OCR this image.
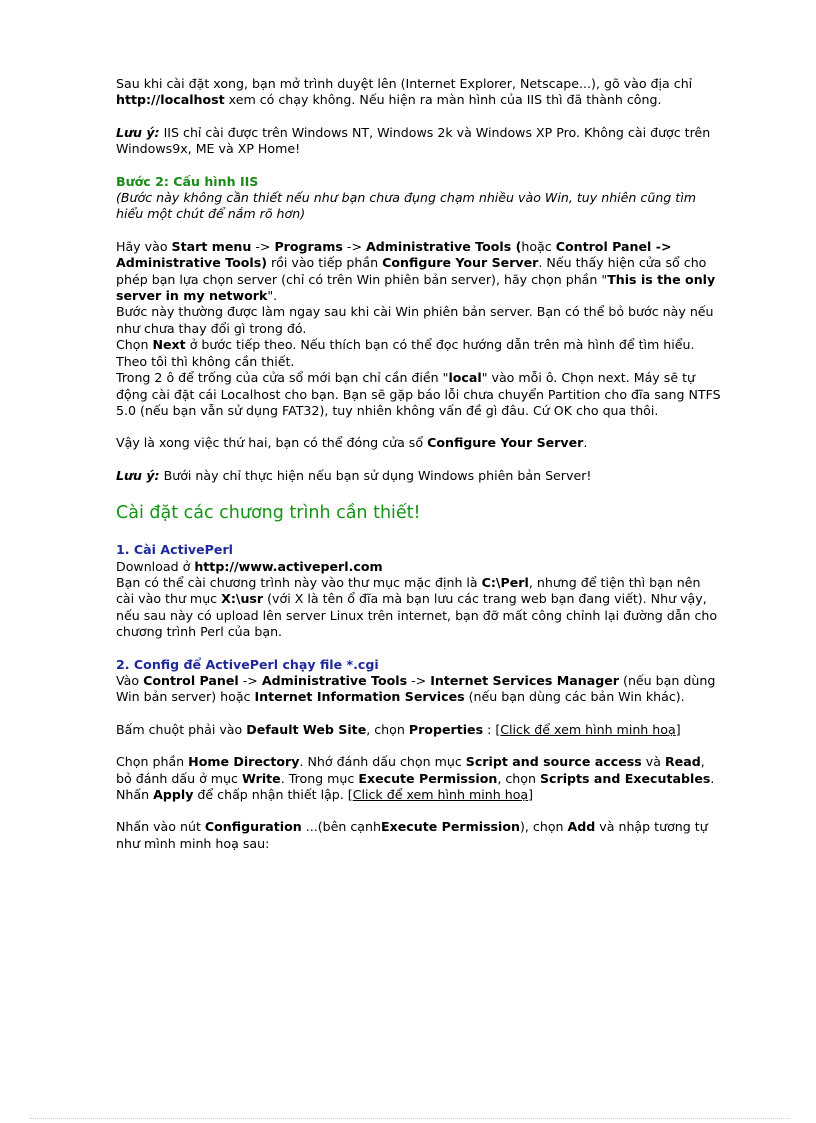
Sau khi cài đặt xong, bạn mở trình duyệt lên (Internet Explorer, Netscape...), gõ vào địa chỉ http://localhost xem có chạy không. Nếu hiện ra màn hình của IIS thì đã thành công.

Lưu ý: IIS chỉ cài được trên Windows NT, Windows 2k và Windows XP Pro. Không cài được trên Windows9x, ME và XP Home!

Bước 2: Cấu hình IIS

(Bước này không cần thiết nếu như bạn chưa đụng chạm nhiều vào Win, tuy nhiên cũng tìm hiểu một chút để nắm rõ hơn)

Hãy vào Start menu -> Programs -> Administrative Tools (hoặc Control Panel -> Administrative Tools) rồi vào tiếp phần Configure Your Server. Nếu thấy hiện cửa sổ cho phép bạn lựa chọn server (chỉ có trên Win phiên bản server), hãy chọn phần "This is the only server in my network".

Bước này thường được làm ngay sau khi cài Win phiên bản server. Bạn có thể bỏ bước này nếu như chưa thay đổi gì trong đó.

Chọn Next ở bước tiếp theo. Nếu thích bạn có thể đọc hướng dẫn trên mà hình để tìm hiểu. Theo tôi thì không cần thiết.

Trong 2 ô để trống của cửa sổ mới bạn chỉ cần điền "local" vào mỗi ô. Chọn next. Máy sẽ tự động cài đặt cái Localhost cho bạn. Bạn sẽ gặp báo lỗi chưa chuyển Partition cho đĩa sang NTFS 5.0 (nếu bạn vẫn sử dụng FAT32), tuy nhiên không vấn đề gì đâu. Cứ OK cho qua thôi.

Vậy là xong việc thứ hai, bạn có thể đóng cửa sổ Configure Your Server.

Lưu ý: Bưới này chỉ thực hiện nếu bạn sử dụng Windows phiên bản Server!

Cài đặt các chương trình cần thiết!

1. Cài ActivePerl

Download ở http://www.activeperl.com

Bạn có thể cài chương trình này vào thư mục mặc định là C:\Perl, nhưng để tiện thì bạn nên cài vào thư mục X:\usr (với X là tên ổ đĩa mà bạn lưu các trang web bạn đang viết). Như vậy, nếu sau này có upload lên server Linux trên internet, bạn đỡ mất công chỉnh lại đường dẫn cho chương trình Perl của bạn.

2. Config để ActivePerl chạy file *.cgi

Vào Control Panel -> Administrative Tools -> Internet Services Manager (nếu bạn dùng Win bản server) hoặc Internet Information Services (nếu bạn dùng các bản Win khác).

Bấm chuột phải vào Default Web Site, chọn Properties : [Click để xem hình minh hoạ]

Chọn phần Home Directory. Nhớ đánh dấu chọn mục Script and source access và Read, bỏ đánh dấu ở mục Write. Trong mục Execute Permission, chọn Scripts and Executables. Nhấn Apply để chấp nhận thiết lập. [Click để xem hình minh hoạ]

Nhấn vào nút Configuration ...(bên cạnhExecute Permission), chọn Add và nhập tương tự như mình minh hoạ sau:
